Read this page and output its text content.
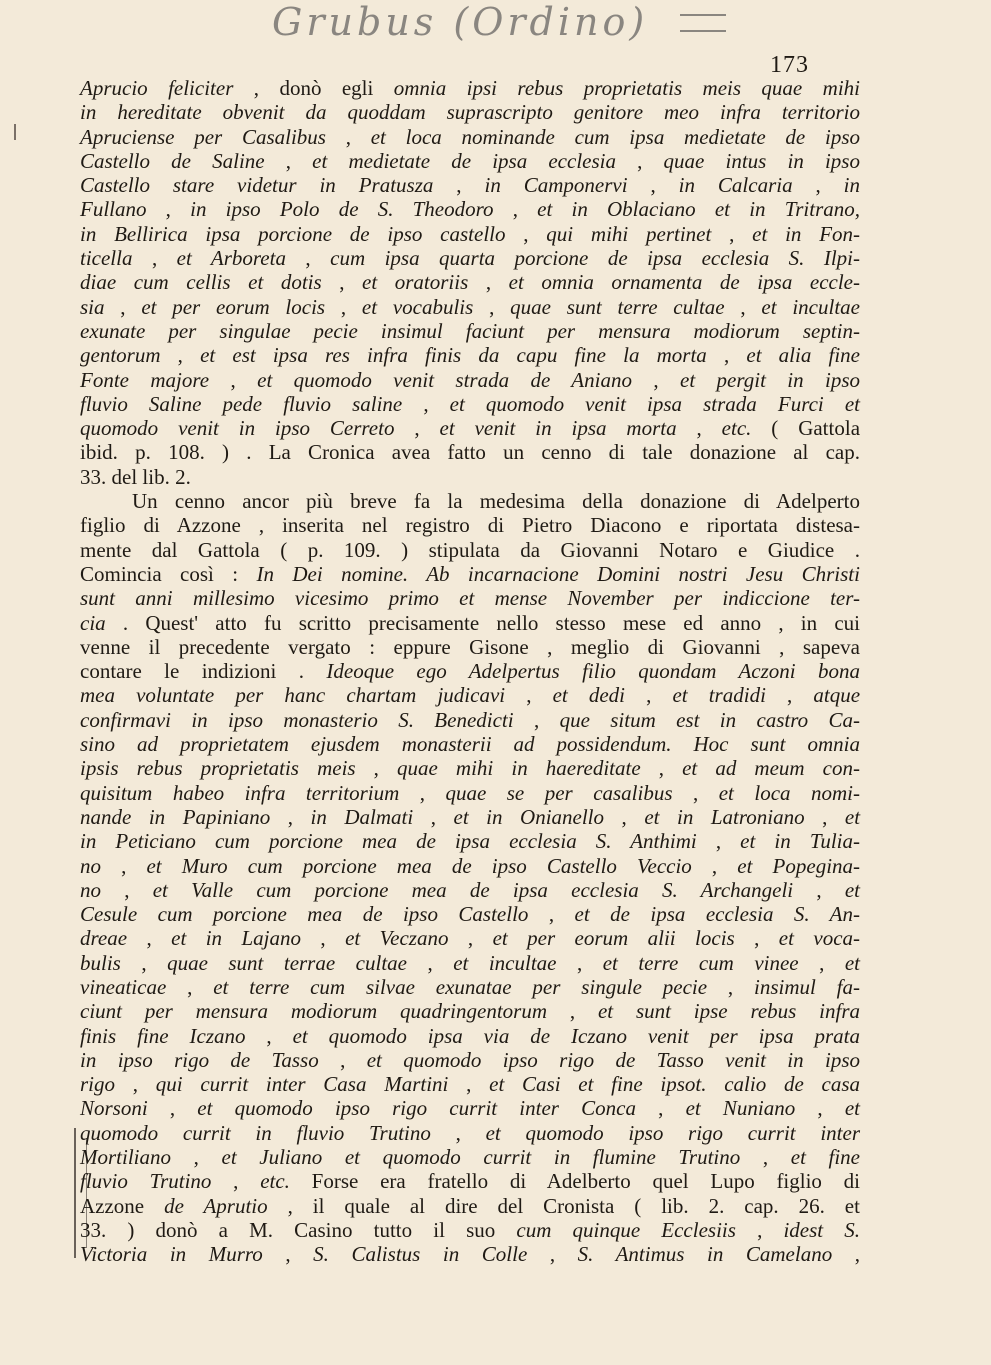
Grubus (Ordino)
173
Aprucio feliciter , donò egli omnia ipsi rebus proprietatis meis quae mihi
in hereditate obvenit da quoddam suprascripto genitore meo infra territorio
Apruciense per Casalibus , et loca nominande cum ipsa medietate de ipso
Castello de Saline , et medietate de ipsa ecclesia , quae intus in ipso
Castello stare videtur in Pratusza , in Camponervi , in Calcaria , in
Fullano , in ipso Polo de S. Theodoro , et in Oblaciano et in Tritrano,
in Bellirica ipsa porcione de ipso castello , qui mihi pertinet , et in Fon-
ticella , et Arboreta , cum ipsa quarta porcione de ipsa ecclesia S. Ilpi-
diae cum cellis et dotis , et oratoriis , et omnia ornamenta de ipsa eccle-
sia , et per eorum locis , et vocabulis , quae sunt terre cultae , et incultae
exunate per singulae pecie insimul faciunt per mensura modiorum septin-
gentorum , et est ipsa res infra finis da capu fine la morta , et alia fine
Fonte majore , et quomodo venit strada de Aniano , et pergit in ipso
fluvio Saline pede fluvio saline , et quomodo venit ipsa strada Furci et
quomodo venit in ipso Cerreto , et venit in ipsa morta , etc. ( Gattola
ibid. p. 108. ) . La Cronica avea fatto un cenno di tale donazione al cap.
33. del lib. 2.
Un cenno ancor più breve fa la medesima della donazione di Adelperto
figlio di Azzone , inserita nel registro di Pietro Diacono e riportata distesa-
mente dal Gattola ( p. 109. ) stipulata da Giovanni Notaro e Giudice .
Comincia così : In Dei nomine. Ab incarnacione Domini nostri Jesu Christi
sunt anni millesimo vicesimo primo et mense November per indiccione ter-
cia . Quest' atto fu scritto precisamente nello stesso mese ed anno , in cui
venne il precedente vergato : eppure Gisone , meglio di Giovanni , sapeva
contare le indizioni . Ideoque ego Adelpertus filio quondam Aczoni bona
mea voluntate per hanc chartam judicavi , et dedi , et tradidi , atque
confirmavi in ipso monasterio S. Benedicti , que situm est in castro Ca-
sino ad proprietatem ejusdem monasterii ad possidendum. Hoc sunt omnia
ipsis rebus proprietatis meis , quae mihi in haereditate , et ad meum con-
quisitum habeo infra territorium , quae se per casalibus , et loca nomi-
nande in Papiniano , in Dalmati , et in Onianello , et in Latroniano , et
in Peticiano cum porcione mea de ipsa ecclesia S. Anthimi , et in Tulia-
no , et Muro cum porcione mea de ipso Castello Veccio , et Popegina-
no , et Valle cum porcione mea de ipsa ecclesia S. Archangeli , et
Cesule cum porcione mea de ipso Castello , et de ipsa ecclesia S. An-
dreae , et in Lajano , et Veczano , et per eorum alii locis , et voca-
bulis , quae sunt terrae cultae , et incultae , et terre cum vinee , et
vineaticae , et terre cum silvae exunatae per singule pecie , insimul fa-
ciunt per mensura modiorum quadringentorum , et sunt ipse rebus infra
finis fine Iczano , et quomodo ipsa via de Iczano venit per ipsa prata
in ipso rigo de Tasso , et quomodo ipso rigo de Tasso venit in ipso
rigo , qui currit inter Casa Martini , et Casi et fine ipsot. calio de casa
Norsoni , et quomodo ipso rigo currit inter Conca , et Nuniano , et
quomodo currit in fluvio Trutino , et quomodo ipso rigo currit inter
Mortiliano , et Juliano et quomodo currit in flumine Trutino , et fine
fluvio Trutino , etc. Forse era fratello di Adelberto quel Lupo figlio di
Azzone de Aprutio , il quale al dire del Cronista ( lib. 2. cap. 26. et
33. ) donò a M. Casino tutto il suo cum quinque Ecclesiis , idest S.
Victoria in Murro , S. Calistus in Colle , S. Antimus in Camelano ,
